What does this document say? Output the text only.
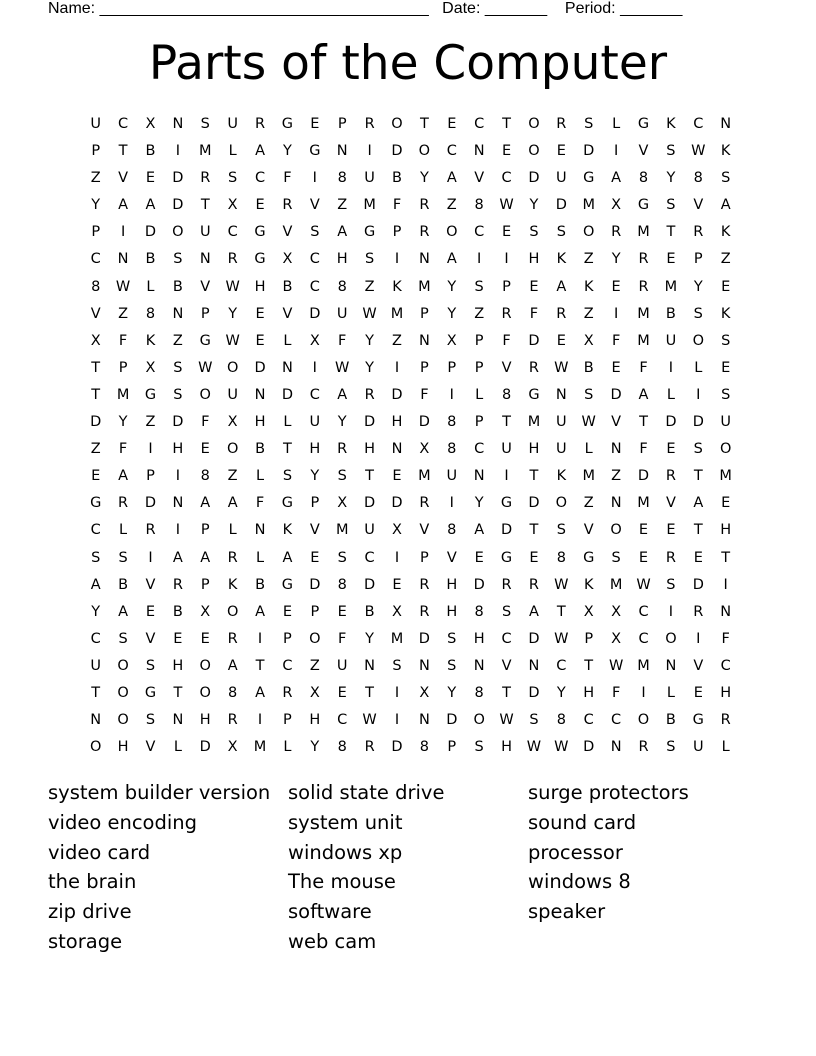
Name: _____________________________________ Date: _______ Period: _______
Parts of the Computer
U	C	X	N	S	U	R	G	E	P	R	O	T	E	C	T	O	R	S	L	G	K	C	N
P	T	B	I	M	L	A	Y	G	N	I	D	O	C	N	E	O	E	D	I	V	S	W	K
Z	V	E	D	R	S	C	F	I	8	U	B	Y	A	V	C	D	U	G	A	8	Y	8	S
Y	A	A	D	T	X	E	R	V	Z	M	F	R	Z	8	W	Y	D	M	X	G	S	V	A
P	I	D	O	U	C	G	V	S	A	G	P	R	O	C	E	S	S	O	R	M	T	R	K
C	N	B	S	N	R	G	X	C	H	S	I	N	A	I	I	H	K	Z	Y	R	E	P	Z
8	W	L	B	V	W	H	B	C	8	Z	K	M	Y	S	P	E	A	K	E	R	M	Y	E
V	Z	8	N	P	Y	E	V	D	U	W M	P	Y	Z	R	F	R	Z	I	M	B	S	K
X	F	K	Z	G	W	E	L	X	F	Y	Z	N	X	P	F	D	E	X	F	M	U	O	S
T	P	X	S	W	O	D	N	I	W	Y	I	P	P	P	V	R	W	B	E	F	I	L	E
T	M	G	S	O	U	N	D	C	A	R	D	F	I	L	8	G	N	S	D	A	L	I	S
D	Y	Z	D	F	X	H	L	U	Y	D	H	D	8	P	T	M	U	W	V	T	D	D	U
Z	F	I	H	E	O	B	T	H	R	H	N	X	8	C	U	H	U	L	N	F	E	S	O
E	A	P	I	8	Z	L	S	Y	S	T	E	M	U	N	I	T	K	M	Z	D	R	T	M
G	R	D	N	A	A	F	G	P	X	D	D	R	I	Y	G	D	O	Z	N	M	V	A	E
C	L	R	I	P	L	N	K	V	M	U	X	V	8	A	D	T	S	V	O	E	E	T	H
S	S	I	A	A	R	L	A	E	S	C	I	P	V	E	G	E	8	G	S	E	R	E	T
A	B	V	R	P	K	B	G	D	8	D	E	R	H	D	R	R	W	K	M W	S	D	I
Y	A	E	B	X	O	A	E	P	E	B	X	R	H	8	S	A	T	X	X	C	I	R	N
C	S	V	E	E	R	I	P	O	F	Y	M	D	S	H	C	D	W	P	X	C	O	I	F
U	O	S	H	O	A	T	C	Z	U	N	S	N	S	N	V	N	C	T	W M	N	V	C
T	O	G	T	O	8	A	R	X	E	T	I	X	Y	8	T	D	Y	H	F	I	L	E	H
N	O	S	N	H	R	I	P	H	C	W	I	N	D	O	W	S	8	C	C	O	B	G	R
O	H	V	L	D	X	M	L	Y	8	R	D	8	P	S	H	W W	D	N	R	S	U	L
system builder version
video encoding
video card
the brain
zip drive
storage
solid state drive
system unit
windows xp
The mouse
software
web cam
surge protectors
sound card
processor
windows 8
speaker
